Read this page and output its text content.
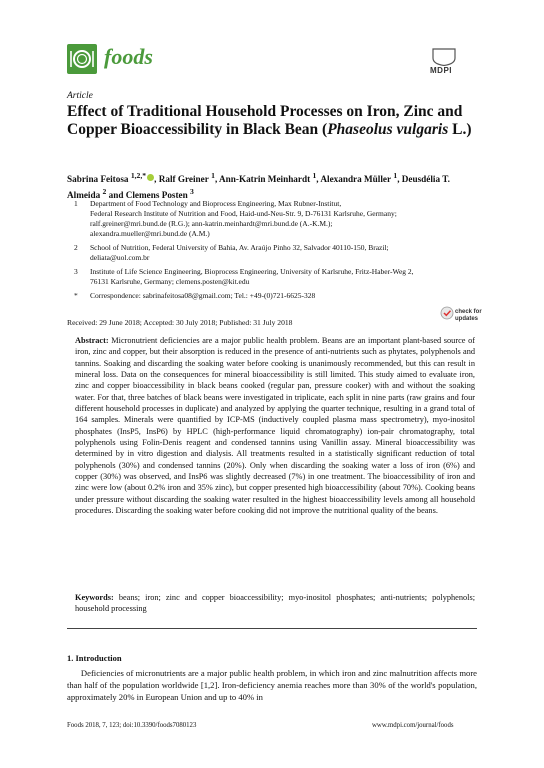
foods
MDPI
Article
Effect of Traditional Household Processes on Iron, Zinc and Copper Bioaccessibility in Black Bean (Phaseolus vulgaris L.)
Sabrina Feitosa $^{1,2,*}$ , Ralf Greiner $^1$, Ann-Katrin Meinhardt $^1$, Alexandra Müller $^1$, Deusdélia T. Almeida $^2$ and Clemens Posten $^3$
1 Department of Food Technology and Bioprocess Engineering, Max Rubner-Institut,
Federal Research Institute of Nutrition and Food, Haid-und-Neu-Str. 9, D-76131 Karlsruhe, Germany;
ralf.greiner@mri.bund.de (R.G.); ann-katrin.meinhardt@mri.bund.de (A.-K.M.);
alexandra.mueller@mri.bund.de (A.M.)
2 School of Nutrition, Federal University of Bahia, Av. Araújo Pinho 32, Salvador 40110-150, Brazil;
deliata@uol.com.br
3 Institute of Life Science Engineering, Bioprocess Engineering, University of Karlsruhe, Fritz-Haber-Weg 2,
76131 Karlsruhe, Germany; clemens.posten@kit.edu
* Correspondence: sabrinafeitosa08@gmail.com; Tel.: +49-(0)721-6625-328
Received: 29 June 2018; Accepted: 30 July 2018; Published: 31 July 2018
check for
updates
Abstract: Micronutrient deficiencies are a major public health problem. Beans are an important plant-based source of iron, zinc and copper, but their absorption is reduced in the presence of anti-nutrients such as phytates, polyphenols and tannins. Soaking and discarding the soaking water before cooking is unanimously recommended, but this can result in mineral loss. Data on the consequences for mineral bioaccessibility is still limited. This study aimed to evaluate iron, zinc and copper bioaccessibility in black beans cooked (regular pan, pressure cooker) with and without the soaking water. For that, three batches of black beans were investigated in triplicate, each split in nine parts (raw grains and four different household processes in duplicate) and analyzed by applying the quarter technique, resulting in a grand total of 164 samples. Minerals were quantified by ICP-MS (inductively coupled plasma mass spectrometry), myo-inositol phosphates (InsP5, InsP6) by HPLC (high-performance liquid chromatography) ion-pair chromatography, total polyphenols using Folin-Denis reagent and condensed tannins using Vanillin assay. Mineral bioaccessibility was determined by in vitro digestion and dialysis. All treatments resulted in a statistically significant reduction of total polyphenols (30%) and condensed tannins (20%). Only when discarding the soaking water a loss of iron (6%) and copper (30%) was observed, and InsP6 was slightly decreased (7%) in one treatment. The bioaccessibility of iron and zinc were low (about 0.2% iron and 35% zinc), but copper presented high bioaccessibility (about 70%). Cooking beans under pressure without discarding the soaking water resulted in the highest bioaccessibility levels among all household procedures. Discarding the soaking water before cooking did not improve the nutritional quality of the beans.
Keywords: beans; iron; zinc and copper bioaccessibility; myo-inositol phosphates; anti-nutrients; polyphenols; household processing
1. Introduction
Deficiencies of micronutrients are a major public health problem, in which iron and zinc malnutrition affects more than half of the population worldwide [1,2]. Iron-deficiency anemia reaches more than 30% of the world's population, approximately 20% in European Union and up to 40% in
Foods 2018, 7, 123; doi:10.3390/foods7080123	www.mdpi.com/journal/foods
